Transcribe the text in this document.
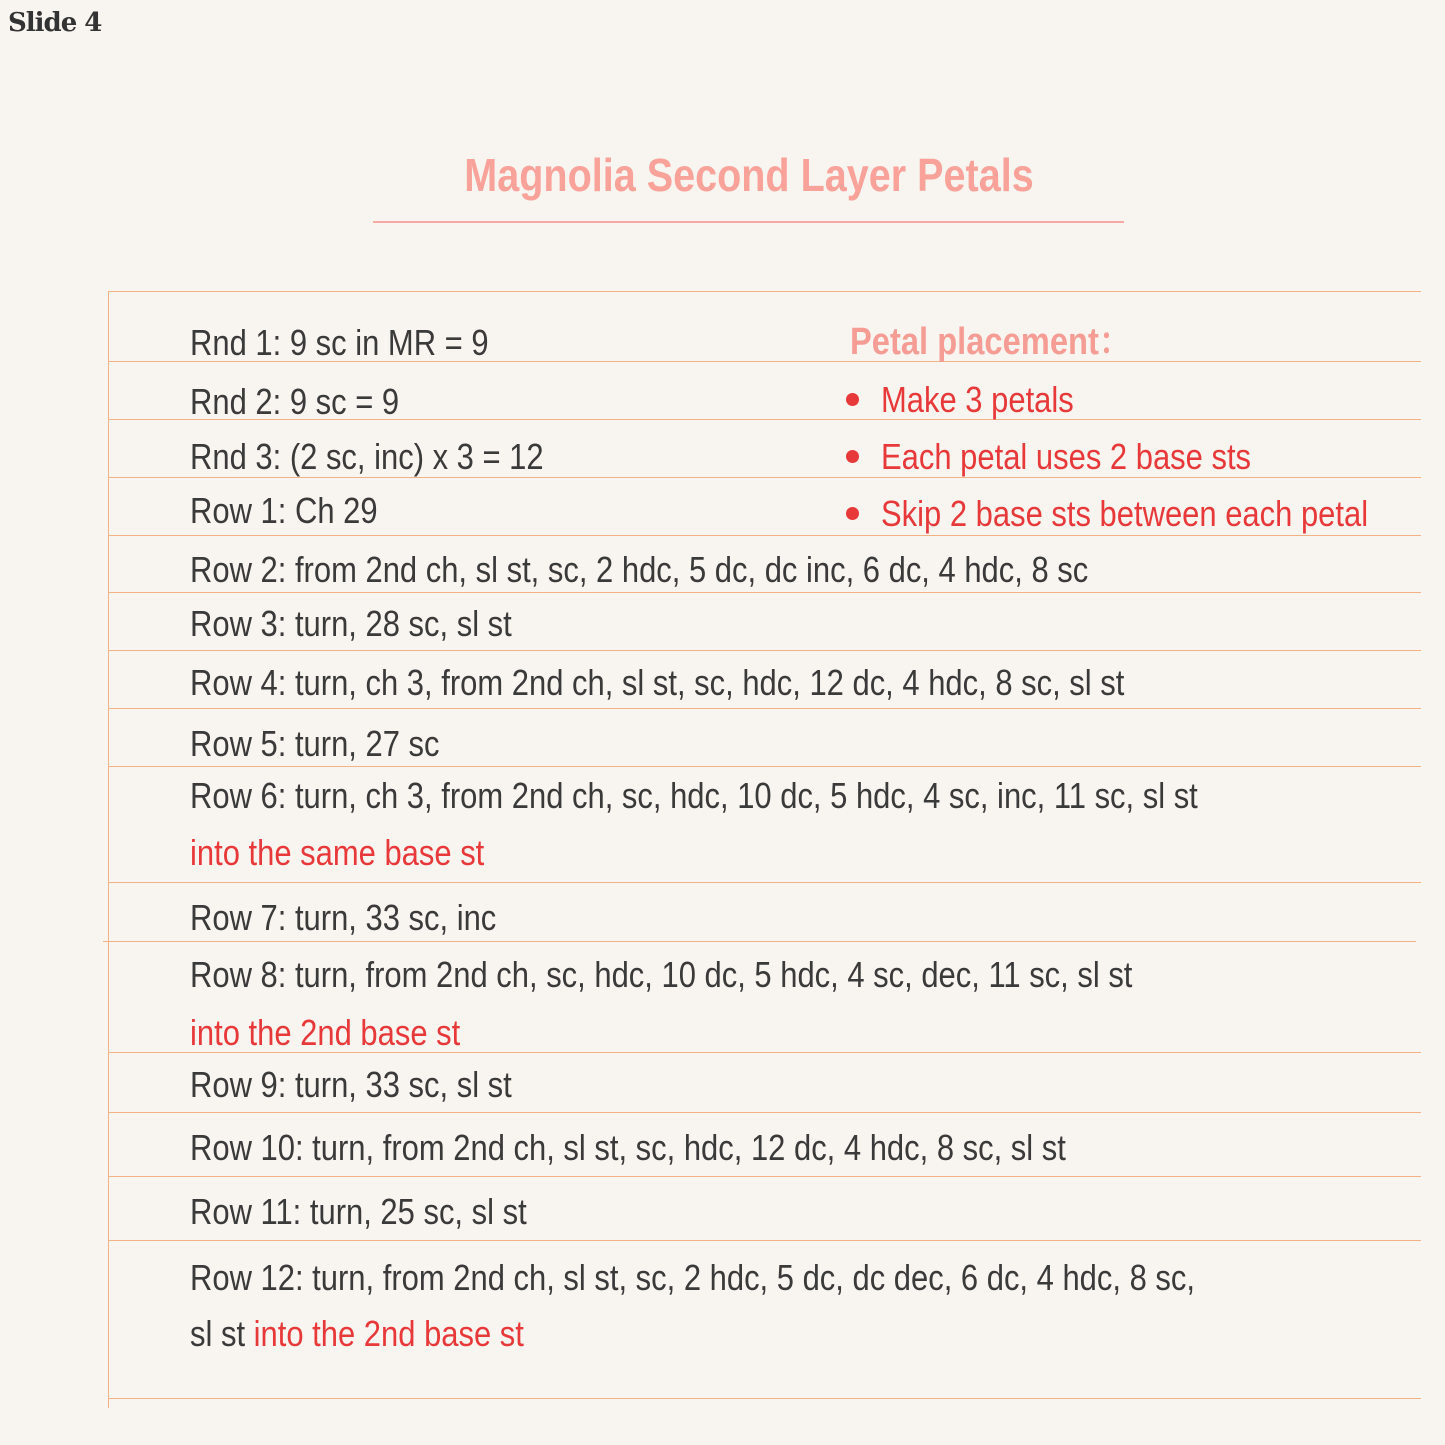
Slide 4
Magnolia Second Layer Petals
Petal placement：
Make 3 petals
Each petal uses 2 base sts
Skip 2 base sts between each petal
Rnd 1: 9 sc in MR = 9
Rnd 2: 9 sc = 9
Rnd 3: (2 sc, inc) x 3 = 12
Row 1: Ch 29
Row 2: from 2nd ch, sl st, sc, 2 hdc, 5 dc, dc inc, 6 dc, 4 hdc, 8 sc
Row 3: turn, 28 sc, sl st
Row 4: turn, ch 3, from 2nd ch, sl st, sc, hdc, 12 dc, 4 hdc, 8 sc, sl st
Row 5: turn, 27 sc
Row 6: turn, ch 3, from 2nd ch, sc, hdc, 10 dc, 5 hdc, 4 sc, inc, 11 sc, sl st
into the same base st
Row 7: turn, 33 sc, inc
Row 8: turn, from 2nd ch, sc, hdc, 10 dc, 5 hdc, 4 sc, dec, 11 sc, sl st
into the 2nd base st
Row 9: turn, 33 sc, sl st
Row 10: turn, from 2nd ch, sl st, sc, hdc, 12 dc, 4 hdc, 8 sc, sl st
Row 11: turn, 25 sc, sl st
Row 12: turn, from 2nd ch, sl st, sc, 2 hdc, 5 dc, dc dec, 6 dc, 4 hdc, 8 sc,
sl st into the 2nd base st
